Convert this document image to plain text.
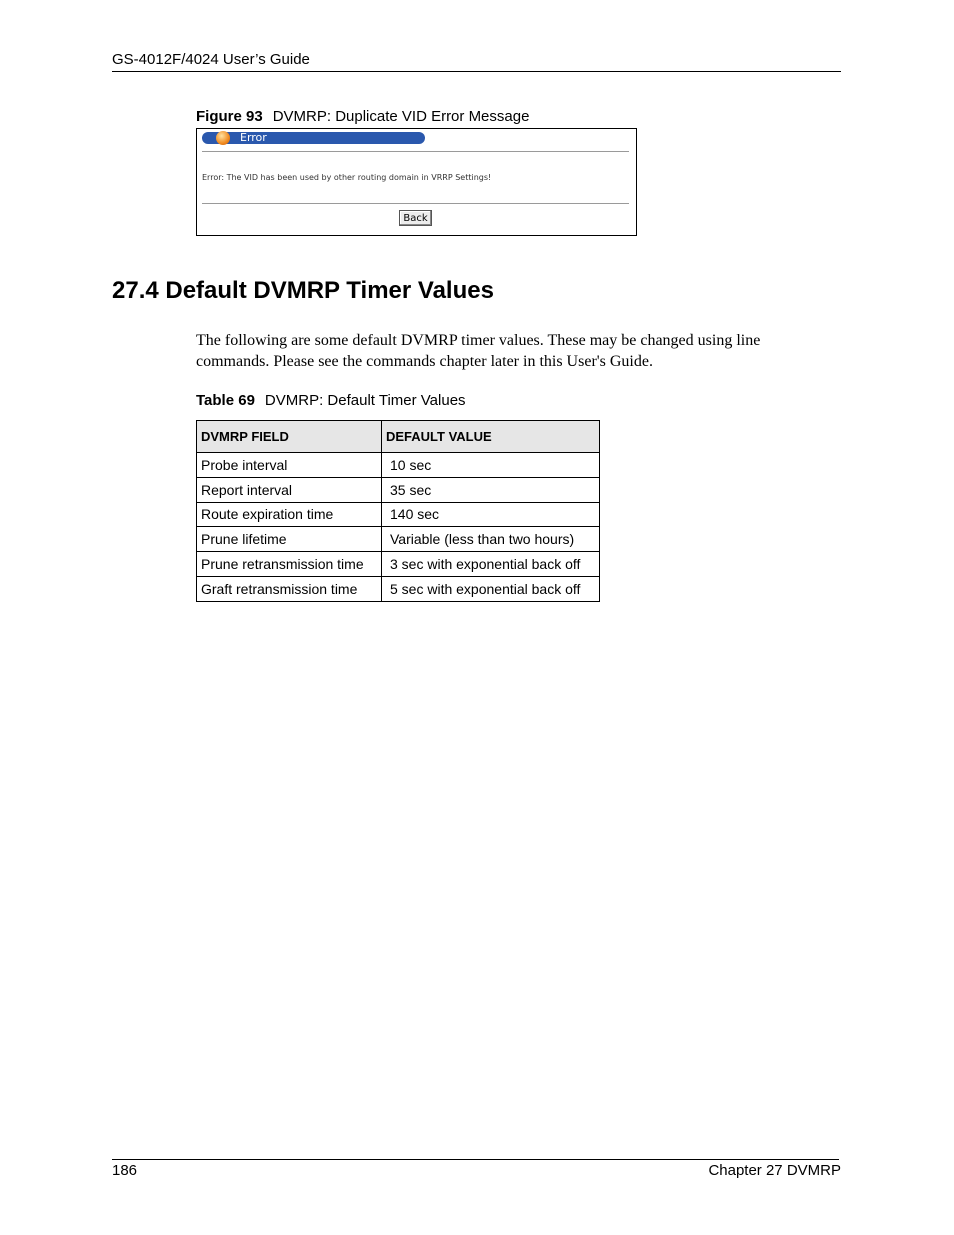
GS-4012F/4024 User’s Guide
Figure 93 DVMRP: Duplicate VID Error Message
Error
Error: The VID has been used by other routing domain in VRRP Settings!
Back
27.4 Default DVMRP Timer Values

The following are some default DVMRP timer values. These may be changed using line commands. Please see the commands chapter later in this User's Guide.

Table 69 DVMRP: Default Timer Values
DVMRP FIELD	DEFAULT VALUE
Probe interval	10 sec
Report interval	35 sec
Route expiration time	140 sec
Prune lifetime	Variable (less than two hours)
Prune retransmission time	3 sec with exponential back off
Graft retransmission time	5 sec with exponential back off
186	Chapter 27 DVMRP
